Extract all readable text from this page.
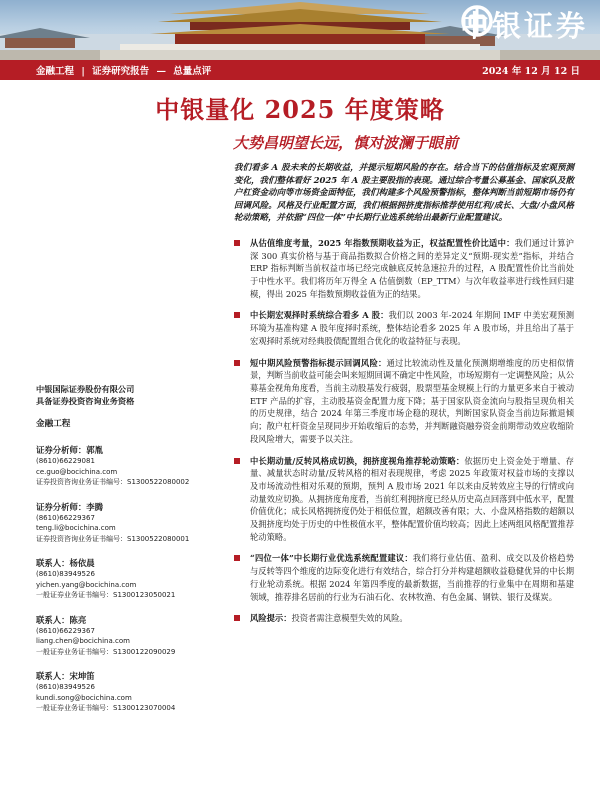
中银证券
金融工程 | 证券研究报告 — 总量点评	2024 年 12 月 12 日
中银量化 2025 年度策略
大势昌明望长远，慎对波澜于眼前

我们看多 A 股未来的长期收益，并提示短期风险的存在。结合当下的估值指标及宏观预测变化，我们整体看好 2025 年 A 股主要股指的表现。通过综合考量公募基金、国家队及散户杠资金动向等市场资金面特征，我们构建多个风险预警指标，整体判断当前短期市场仍有回调风险。风格及行业配置方面，我们根据拥挤度指标推荐使用红利/成长、大盘/小盘风格轮动策略，并依据“四位一体”中长期行业选系统给出最新行业配置建议。

从估值维度考量，2025 年指数预期收益为正，权益配置性价比适中：我们通过计算沪深 300 真实价格与基于商品指数拟合价格之间的差异定义“预期-现实差”指标，并结合 ERP 指标判断当前权益市场已经完成触底反转急速拉升的过程，A 股配置性价比当前处于中性水平。我们将历年万得全 A 估值倒数（EP_TTM）与次年收益率进行线性回归建模，得出 2025 年指数预期收益值为正的结果。
中长期宏观择时系统综合看多 A 股：我们以 2003 年-2024 年期间 IMF 中美宏观预测环境为基准构建 A 股年度择时系统，整体结论看多 2025 年 A 股市场，并且给出了基于宏观择时系统对经典股债配置组合优化的收益特征与表现。
短中期风险预警指标提示回调风险：通过比较流动性及量化预测期增维度的历史相似情景，判断当前收益可能会叫来短期回调不确定中性风险，市场短期有一定调整风险；从公募基金视角角度看，当前主动股基发行疲弱，股票型基金规模上行的力量更多来自于被动 ETF 产品的扩容，主动股基资金配置力度下降；基于国家队资金流向与股指呈现负相关的历史规律，结合 2024 年第三季度市场企稳的现状，判断国家队资金当前边际撤退倾向；散户杠杆资金呈现同步开始收缩后的态势，并判断融资融券资金前期带动效应收缩阶段风险增大，需要予以关注。
中长期动量/反转风格成切换，拥挤度视角推荐轮动策略：依据历史上资金处于增量、存量、减量状态时动量/反转风格的相对表现规律，考虑 2025 年政策对权益市场的支撑以及市场流动性相对乐观的预期，预判 A 股市场 2021 年以来由反转效应主导的行情或向动量效应切换。从拥挤度角度看，当前红利拥挤度已经从历史高点回落到中低水平，配置价值优化；成长风格拥挤度仍处于相低位置，超额改善有限；大、小盘风格指数的超额以及拥挤度均处于历史的中性极值水平，整体配置价值均较高；因此上述两组风格配置推荐轮动策略。
“四位一体”中长期行业优选系统配置建议：我们将行业估值、盈利、成交以及价格趋势与反转等四个维度的边际变化进行有效结合，综合打分并构建超额收益稳健优异的中长期行业轮动系统。根据 2024 年第四季度的最新数据，当前推荐的行业集中在周期和基建领域，推荐排名居前的行业为石油石化、农林牧渔、有色金属、钢铁、银行及煤炭。
风险提示：投资者需注意模型失效的风险。
中银国际证券股份有限公司
具备证券投资咨询业务资格
金融工程
证券分析师：郭胤
(8610)66229081
ce.guo@bocichina.com
证券投资咨询业务证书编号：S1300522080002
证券分析师：李腾
(8610)66229367
teng.li@bocichina.com
证券投资咨询业务证书编号：S1300522080001
联系人：杨依晨
(8610)83949526
yichen.yang@bocichina.com
一般证券业务证书编号：S1300123050021
联系人：陈亮
(8610)66229367
liang.chen@bocichina.com
一般证券业务证书编号：S1300122090029
联系人：宋坤笛
(8610)83949526
kundi.song@bocichina.com
一般证券业务证书编号：S1300123070004
